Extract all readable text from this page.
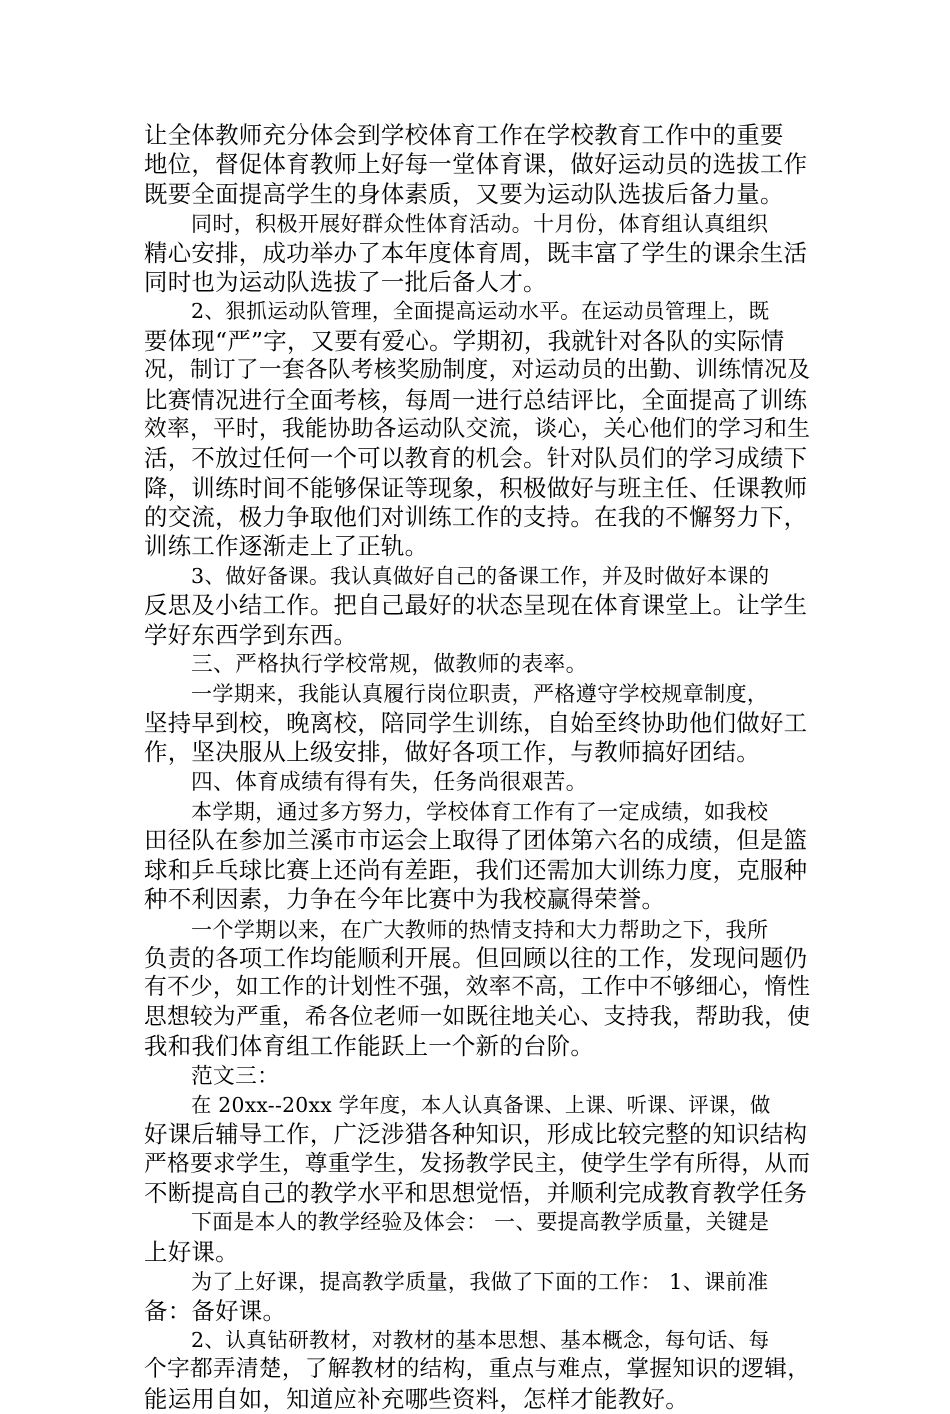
让全体教师充分体会到学校体育工作在学校教育工作中的重要
地位，督促体育教师上好每一堂体育课，做好运动员的选拔工作
既要全面提高学生的身体素质，又要为运动队选拔后备力量。
同时，积极开展好群众性体育活动。十月份，体育组认真组织
精心安排，成功举办了本年度体育周，既丰富了学生的课余生活
同时也为运动队选拔了一批后备人才。
2、狠抓运动队管理，全面提高运动水平。在运动员管理上，既
要体现“严”字，又要有爱心。学期初，我就针对各队的实际情
况，制订了一套各队考核奖励制度，对运动员的出勤、训练情况及
比赛情况进行全面考核，每周一进行总结评比，全面提高了训练
效率，平时，我能协助各运动队交流，谈心，关心他们的学习和生
活，不放过任何一个可以教育的机会。针对队员们的学习成绩下
降，训练时间不能够保证等现象，积极做好与班主任、任课教师
的交流，极力争取他们对训练工作的支持。在我的不懈努力下，
训练工作逐渐走上了正轨。
3、做好备课。我认真做好自己的备课工作，并及时做好本课的
反思及小结工作。把自己最好的状态呈现在体育课堂上。让学生
学好东西学到东西。
三、严格执行学校常规，做教师的表率。
一学期来，我能认真履行岗位职责，严格遵守学校规章制度，
坚持早到校，晚离校，陪同学生训练，自始至终协助他们做好工
作，坚决服从上级安排，做好各项工作，与教师搞好团结。
四、体育成绩有得有失，任务尚很艰苦。
本学期，通过多方努力，学校体育工作有了一定成绩，如我校
田径队在参加兰溪市市运会上取得了团体第六名的成绩，但是篮
球和乒乓球比赛上还尚有差距，我们还需加大训练力度，克服种
种不利因素，力争在今年比赛中为我校赢得荣誉。
一个学期以来，在广大教师的热情支持和大力帮助之下，我所
负责的各项工作均能顺利开展。但回顾以往的工作，发现问题仍
有不少，如工作的计划性不强，效率不高，工作中不够细心，惰性
思想较为严重，希各位老师一如既往地关心、支持我，帮助我，使
我和我们体育组工作能跃上一个新的台阶。
范文三：
在 20xx--20xx 学年度，本人认真备课、上课、听课、评课，做
好课后辅导工作，广泛涉猎各种知识，形成比较完整的知识结构
严格要求学生，尊重学生，发扬教学民主，使学生学有所得，从而
不断提高自己的教学水平和思想觉悟，并顺利完成教育教学任务
下面是本人的教学经验及体会： 一、要提高教学质量，关键是
上好课。
为了上好课，提高教学质量，我做了下面的工作： 1、课前准
备：备好课。
2、认真钻研教材，对教材的基本思想、基本概念，每句话、每
个字都弄清楚，了解教材的结构，重点与难点，掌握知识的逻辑，
能运用自如，知道应补充哪些资料，怎样才能教好。
